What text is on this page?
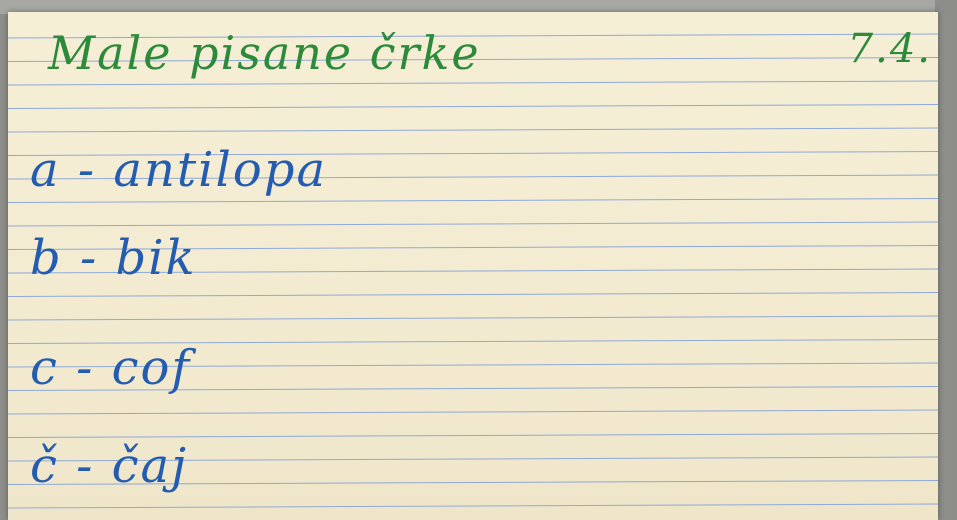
Male pisane črke	7.4.
a - antilopa
b - bik
c - cof
č - čaj
